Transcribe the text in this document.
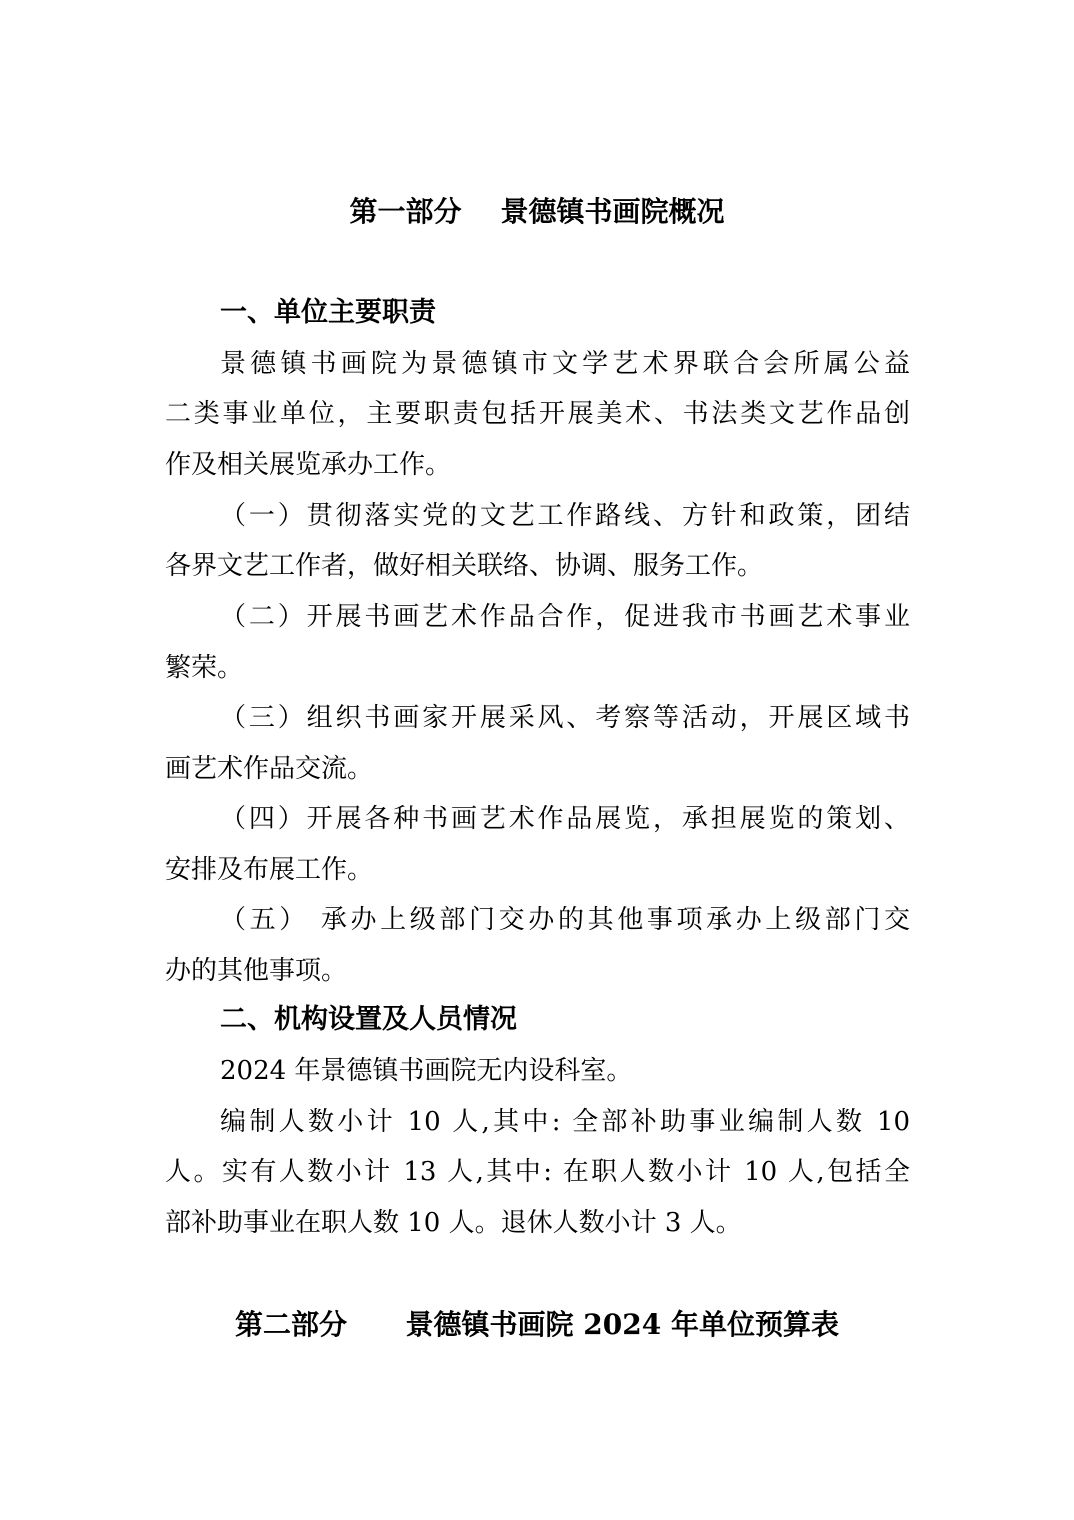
第一部分    景德镇书画院概况
一、单位主要职责
景德镇书画院为景德镇市文学艺术界联合会所属公益
二类事业单位，主要职责包括开展美术、书法类文艺作品创
作及相关展览承办工作。
（一）贯彻落实党的文艺工作路线、方针和政策，团结
各界文艺工作者，做好相关联络、协调、服务工作。
（二）开展书画艺术作品合作，促进我市书画艺术事业
繁荣。
（三）组织书画家开展采风、考察等活动，开展区域书
画艺术作品交流。
（四）开展各种书画艺术作品展览，承担展览的策划、
安排及布展工作。
（五） 承办上级部门交办的其他事项承办上级部门交
办的其他事项。
二、机构设置及人员情况
2024 年景德镇书画院无内设科室。
编制人数小计 10 人,其中: 全部补助事业编制人数 10
人。实有人数小计 13 人,其中: 在职人数小计 10 人,包括全
部补助事业在职人数 10 人。退休人数小计 3 人。
第二部分      景德镇书画院 2024 年单位预算表
